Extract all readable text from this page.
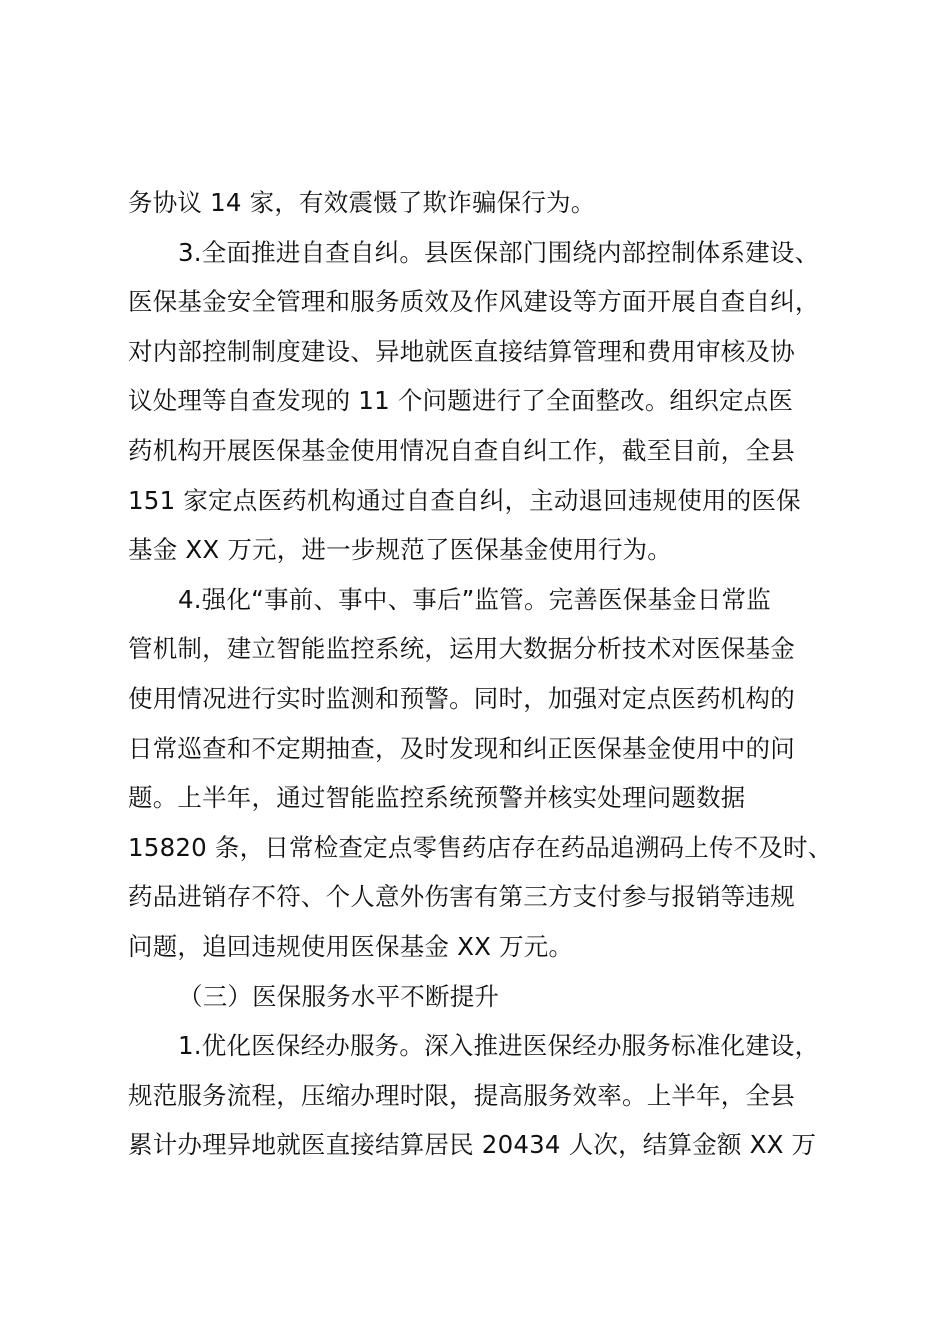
务协议 14 家，有效震慑了欺诈骗保行为。
3.全面推进自查自纠。县医保部门围绕内部控制体系建设、
医保基金安全管理和服务质效及作风建设等方面开展自查自纠，
对内部控制制度建设、异地就医直接结算管理和费用审核及协
议处理等自查发现的 11 个问题进行了全面整改。组织定点医
药机构开展医保基金使用情况自查自纠工作，截至目前，全县
151 家定点医药机构通过自查自纠，主动退回违规使用的医保
基金 XX 万元，进一步规范了医保基金使用行为。
4.强化“事前、事中、事后”监管。完善医保基金日常监
管机制，建立智能监控系统，运用大数据分析技术对医保基金
使用情况进行实时监测和预警。同时，加强对定点医药机构的
日常巡查和不定期抽查，及时发现和纠正医保基金使用中的问
题。上半年，通过智能监控系统预警并核实处理问题数据
15820 条，日常检查定点零售药店存在药品追溯码上传不及时、
药品进销存不符、个人意外伤害有第三方支付参与报销等违规
问题，追回违规使用医保基金 XX 万元。
（三）医保服务水平不断提升
1.优化医保经办服务。深入推进医保经办服务标准化建设，
规范服务流程，压缩办理时限，提高服务效率。上半年，全县
累计办理异地就医直接结算居民 20434 人次，结算金额 XX 万
